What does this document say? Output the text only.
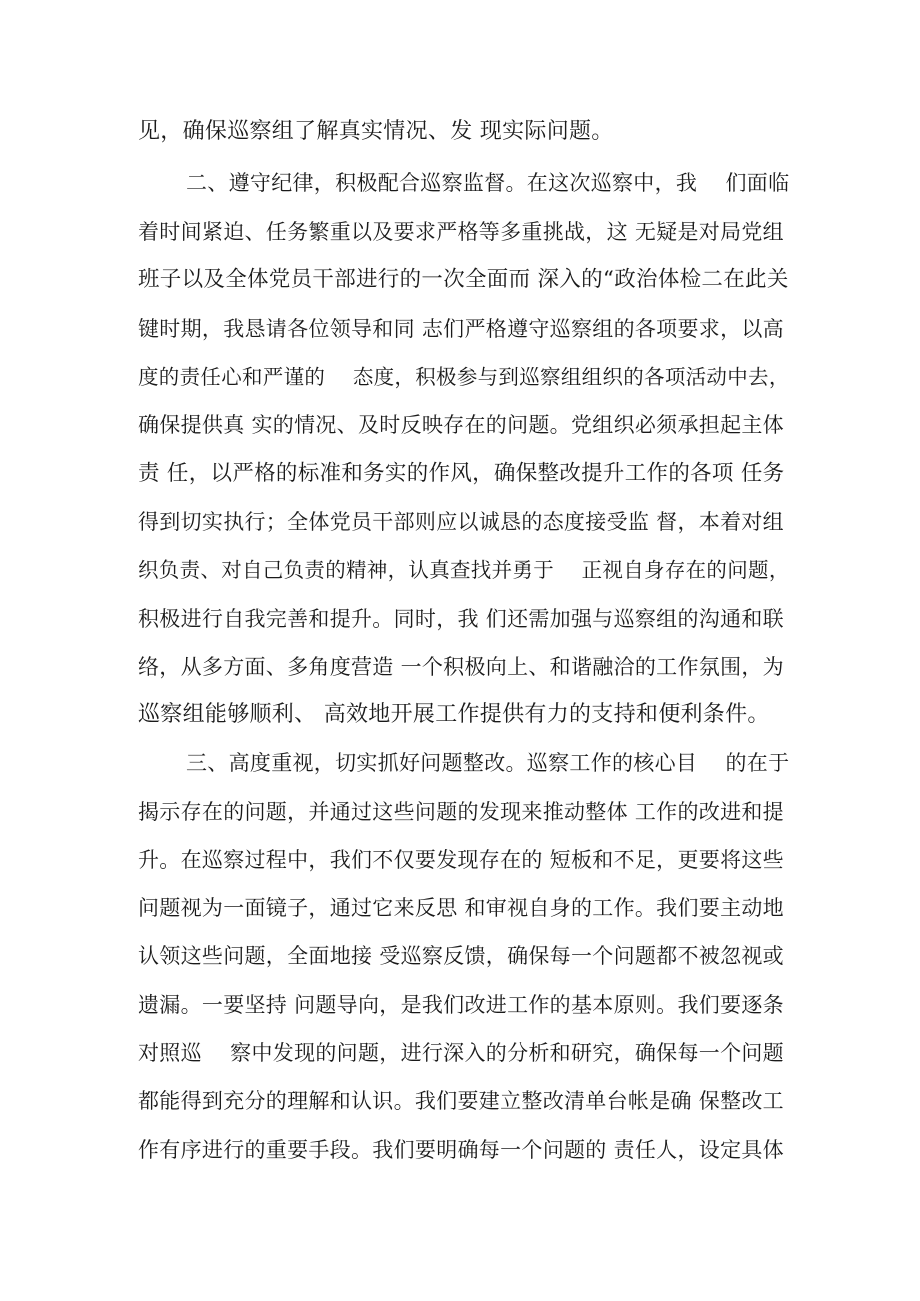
见，确保巡察组了解真实情况、发 现实际问题。

二、遵守纪律，积极配合巡察监督。在这次巡察中，我　 们面临

着时间紧迫、任务繁重以及要求严格等多重挑战，这 无疑是对局党组

班子以及全体党员干部进行的一次全面而 深入的“政治体检二在此关

键时期，我恳请各位领导和同 志们严格遵守巡察组的各项要求，以高

度的责任心和严谨的　 态度，积极参与到巡察组组织的各项活动中去，

确保提供真 实的情况、及时反映存在的问题。党组织必须承担起主体

责 任，以严格的标准和务实的作风，确保整改提升工作的各项 任务

得到切实执行；全体党员干部则应以诚恳的态度接受监 督，本着对组

织负责、对自己负责的精神，认真查找并勇于　 正视自身存在的问题，

积极进行自我完善和提升。同时，我 们还需加强与巡察组的沟通和联

络，从多方面、多角度营造 一个积极向上、和谐融洽的工作氛围，为

巡察组能够顺利、 高效地开展工作提供有力的支持和便利条件。

三、高度重视，切实抓好问题整改。巡察工作的核心目　 的在于

揭示存在的问题，并通过这些问题的发现来推动整体 工作的改进和提

升。在巡察过程中，我们不仅要发现存在的 短板和不足，更要将这些

问题视为一面镜子，通过它来反思 和审视自身的工作。我们要主动地

认领这些问题，全面地接 受巡察反馈，确保每一个问题都不被忽视或

遗漏。一要坚持 问题导向，是我们改进工作的基本原则。我们要逐条

对照巡　 察中发现的问题，进行深入的分析和研究，确保每一个问题

都能得到充分的理解和认识。我们要建立整改清单台帐是确 保整改工

作有序进行的重要手段。我们要明确每一个问题的 责任人，设定具体
